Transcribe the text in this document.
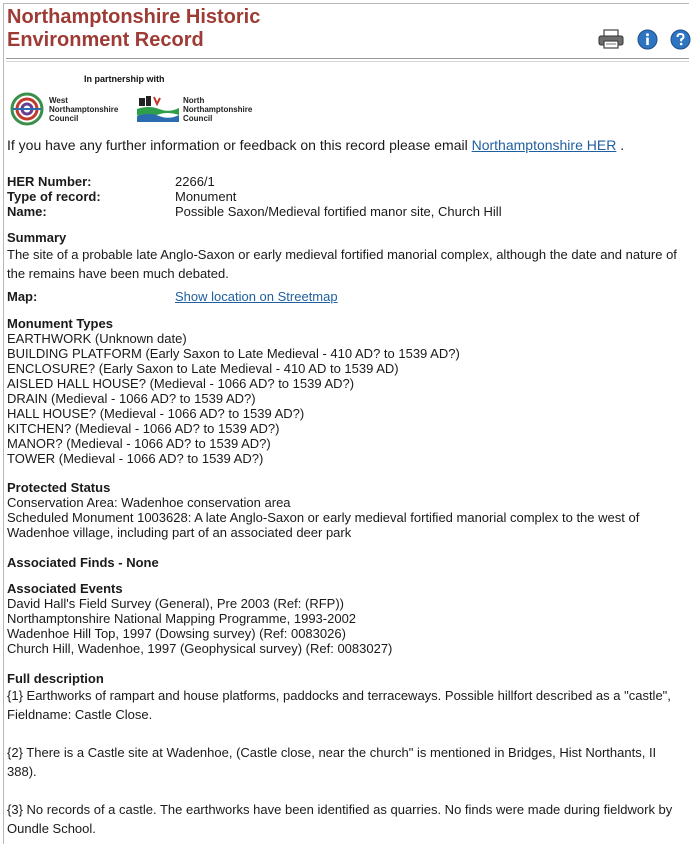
Northamptonshire Historic
Environment Record
In partnership with
West
Northamptonshire
Council
North
Northamptonshire
Council
If you have any further information or feedback on this record please email Northamptonshire HER .
HER Number:	2266/1
Type of record:	Monument
Name:	Possible Saxon/Medieval fortified manor site, Church Hill
Summary
The site of a probable late Anglo-Saxon or early medieval fortified manorial complex, although the date and nature of the remains have been much debated.
Map:	Show location on Streetmap
Monument Types
EARTHWORK (Unknown date)
BUILDING PLATFORM (Early Saxon to Late Medieval - 410 AD? to 1539 AD?)
ENCLOSURE? (Early Saxon to Late Medieval - 410 AD to 1539 AD)
AISLED HALL HOUSE? (Medieval - 1066 AD? to 1539 AD?)
DRAIN (Medieval - 1066 AD? to 1539 AD?)
HALL HOUSE? (Medieval - 1066 AD? to 1539 AD?)
KITCHEN? (Medieval - 1066 AD? to 1539 AD?)
MANOR? (Medieval - 1066 AD? to 1539 AD?)
TOWER (Medieval - 1066 AD? to 1539 AD?)
Protected Status
Conservation Area: Wadenhoe conservation area
Scheduled Monument 1003628: A late Anglo-Saxon or early medieval fortified manorial complex to the west of Wadenhoe village, including part of an associated deer park
Associated Finds - None
Associated Events
David Hall's Field Survey (General), Pre 2003 (Ref: (RFP))
Northamptonshire National Mapping Programme, 1993-2002
Wadenhoe Hill Top, 1997 (Dowsing survey) (Ref: 0083026)
Church Hill, Wadenhoe, 1997 (Geophysical survey) (Ref: 0083027)
Full description
{1} Earthworks of rampart and house platforms, paddocks and terraceways. Possible hillfort described as a "castle", Fieldname: Castle Close.
{2} There is a Castle site at Wadenhoe, (Castle close, near the church" is mentioned in Bridges, Hist Northants, II 388).
{3} No records of a castle. The earthworks have been identified as quarries. No finds were made during fieldwork by Oundle School.
